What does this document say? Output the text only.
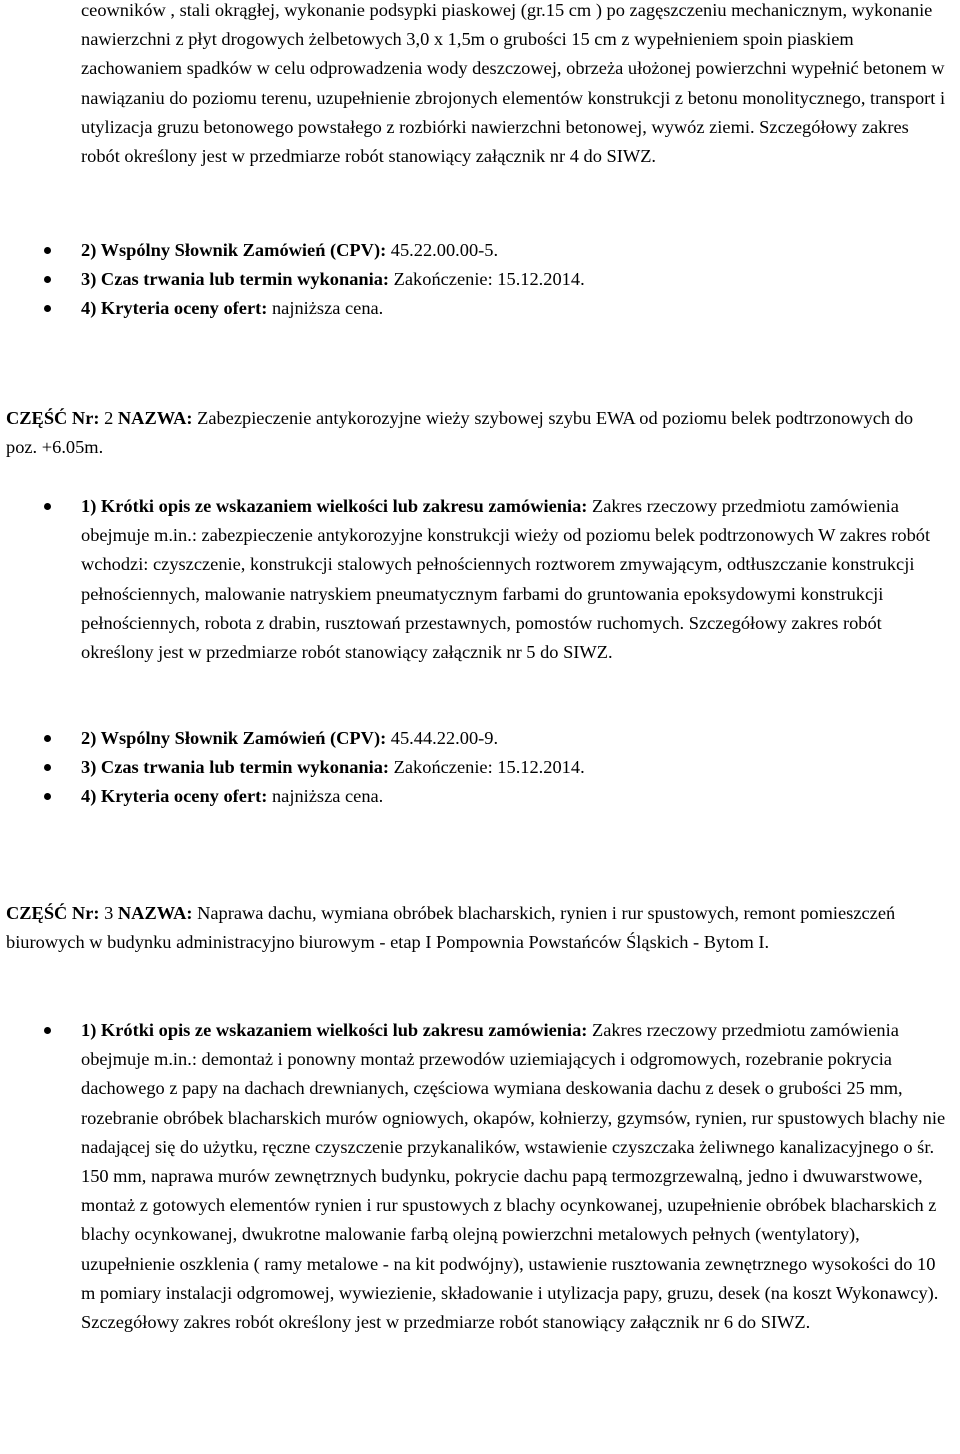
ceowników , stali okrągłej, wykonanie podsypki piaskowej (gr.15 cm ) po zagęszczeniu mechanicznym, wykonanie nawierzchni z płyt drogowych żelbetowych 3,0 x 1,5m o grubości 15 cm z wypełnieniem spoin piaskiem zachowaniem spadków w celu odprowadzenia wody deszczowej, obrzeża ułożonej powierzchni wypełnić betonem w nawiązaniu do poziomu terenu, uzupełnienie zbrojonych elementów konstrukcji z betonu monolitycznego, transport i utylizacja gruzu betonowego powstałego z rozbiórki nawierzchni betonowej, wywóz ziemi. Szczegółowy zakres robót określony jest w przedmiarze robót stanowiący załącznik nr 4 do SIWZ.

2) Wspólny Słownik Zamówień (CPV): 45.22.00.00-5.

3) Czas trwania lub termin wykonania: Zakończenie: 15.12.2014.

4) Kryteria oceny ofert: najniższa cena.

CZĘŚĆ Nr: 2 NAZWA: Zabezpieczenie antykorozyjne wieży szybowej szybu EWA od poziomu belek podtrzonowych do poz. +6.05m.

1) Krótki opis ze wskazaniem wielkości lub zakresu zamówienia: Zakres rzeczowy przedmiotu zamówienia obejmuje m.in.: zabezpieczenie antykorozyjne konstrukcji wieży od poziomu belek podtrzonowych W zakres robót wchodzi: czyszczenie, konstrukcji stalowych pełnościennych roztworem zmywającym, odtłuszczanie konstrukcji pełnościennych, malowanie natryskiem pneumatycznym farbami do gruntowania epoksydowymi konstrukcji pełnościennych, robota z drabin, rusztowań przestawnych, pomostów ruchomych. Szczegółowy zakres robót określony jest w przedmiarze robót stanowiący załącznik nr 5 do SIWZ.

2) Wspólny Słownik Zamówień (CPV): 45.44.22.00-9.

3) Czas trwania lub termin wykonania: Zakończenie: 15.12.2014.

4) Kryteria oceny ofert: najniższa cena.

CZĘŚĆ Nr: 3 NAZWA: Naprawa dachu, wymiana obróbek blacharskich, rynien i rur spustowych, remont pomieszczeń biurowych w budynku administracyjno biurowym - etap I Pompownia Powstańców Śląskich - Bytom I.

1) Krótki opis ze wskazaniem wielkości lub zakresu zamówienia: Zakres rzeczowy przedmiotu zamówienia obejmuje m.in.: demontaż i ponowny montaż przewodów uziemiających i odgromowych, rozebranie pokrycia dachowego z papy na dachach drewnianych, częściowa wymiana deskowania dachu z desek o grubości 25 mm, rozebranie obróbek blacharskich murów ogniowych, okapów, kołnierzy, gzymsów, rynien, rur spustowych blachy nie nadającej się do użytku, ręczne czyszczenie przykanalików, wstawienie czyszczaka żeliwnego kanalizacyjnego o śr. 150 mm, naprawa murów zewnętrznych budynku, pokrycie dachu papą termozgrzewalną, jedno i dwuwarstwowe, montaż z gotowych elementów rynien i rur spustowych z blachy ocynkowanej, uzupełnienie obróbek blacharskich z blachy ocynkowanej, dwukrotne malowanie farbą olejną powierzchni metalowych pełnych (wentylatory), uzupełnienie oszklenia ( ramy metalowe - na kit podwójny), ustawienie rusztowania zewnętrznego wysokości do 10 m pomiary instalacji odgromowej, wywiezienie, składowanie i utylizacja papy, gruzu, desek (na koszt Wykonawcy). Szczegółowy zakres robót określony jest w przedmiarze robót stanowiący załącznik nr 6 do SIWZ.
